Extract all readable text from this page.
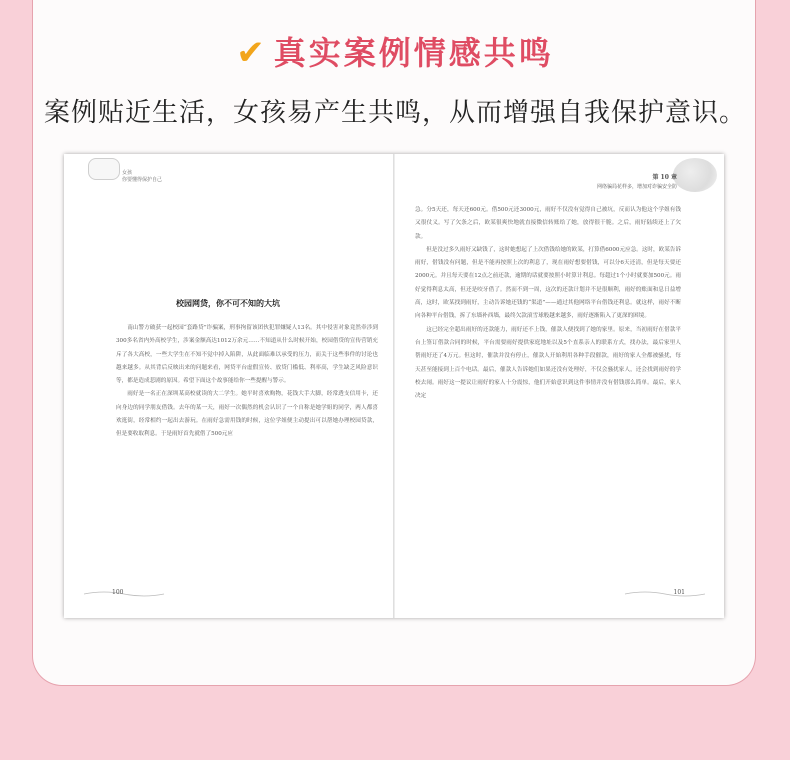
✔ 真实案例情感共鸣
案例贴近生活，女孩易产生共鸣，从而增强自我保护意识。
女孩
你要懂得保护自己
校园网贷，你不可不知的大坑

南山警方破获一起校园“套路贷”诈骗案，刑事拘留该团伙犯罪嫌疑人13名。其中侵害对象竟然牵涉到300多名省内外高校学生，涉案金额高达1012万余元……不知道从什么时候开始，校园借贷的宣传营销充斥了各大高校，一些大学生在不知不觉中掉入陷阱，从此面临难以承受的压力，而关于这些事件的讨论也越来越多。从其背后反映出来的问题来看，网贷平台虚假宣传、放贷门槛低、利率高，学生缺乏风险意识等，都是造成悲剧的原因。希望下面这个故事能给你一些提醒与警示。

雨好是一名正在深圳某高校就读的大二学生。她平时喜欢购物，花钱大手大脚，经常透支信用卡，还向身边的同学朋友借钱。去年的某一天，雨好一次偶然的机会认识了一个自称是她学姐的同学，两人都喜欢逛街，经常相约一起出去游玩。在雨好急需用钱的时候，这位学姐便主动提出可以帮她办理校园贷款，但是要收取利息。于是雨好首先就借了500元应

100
第 10 章
网络骗局花样多，增加对诈骗安全防

急。分5天还，每天还600元。借500元还3000元，雨好不仅没有觉得自己被坑，反而认为他这个学姐有钱又很仗义。写了欠条之后，欧某很爽快地就直接微信转账给了她，放得很干脆。之后，雨好陆续还上了欠款。

但是没过多久雨好又缺钱了，这时她想起了上次借钱给她的欧某，打算借6000元应急。这时，欧某告诉雨好，借钱没有问题，但是不能再按照上次的利息了，现在雨好想要借钱，可以分6天还清，但是每天要还2000元。并且每天要在12点之前还款，逾期的话就要按照小时算计利息。每超过1个小时就要加500元。雨好觉得利息太高，但还是咬牙借了。然而不到一周，这次的还款计划并不是很顺利，雨好的账面和息日益增高，这时，欧某找到雨好，主动告诉她还钱的“渠道”——通过其他网络平台借钱还利息。就这样，雨好不断向各种平台借钱，拆了东墙补西墙，最终欠款滚雪球般越来越多，雨好逐渐陷入了更深的困境。

这已经完全超出雨好的还款能力，雨好还不上钱，催款人便找到了她的家里。原来，当初雨好在借款平台上签订借款合同的时候，平台需要雨好提供家庭地址以及5个直系亲人的联系方式，找办法，最后家里人帮雨好还了4万元。但这时，催款并没有停止，催款人开始利用各种手段催款，雨好的家人全都被骚扰，每天甚至能接到上百个电话。最后，催款人告诉她们如果还没有处理好，不仅会骚扰家人，还会找到雨好的学校去闹。雨好这一提议让雨好的家人十分震惊，他们开始意识到这件事情并没有借钱那么简单。最后，家人决定

101
